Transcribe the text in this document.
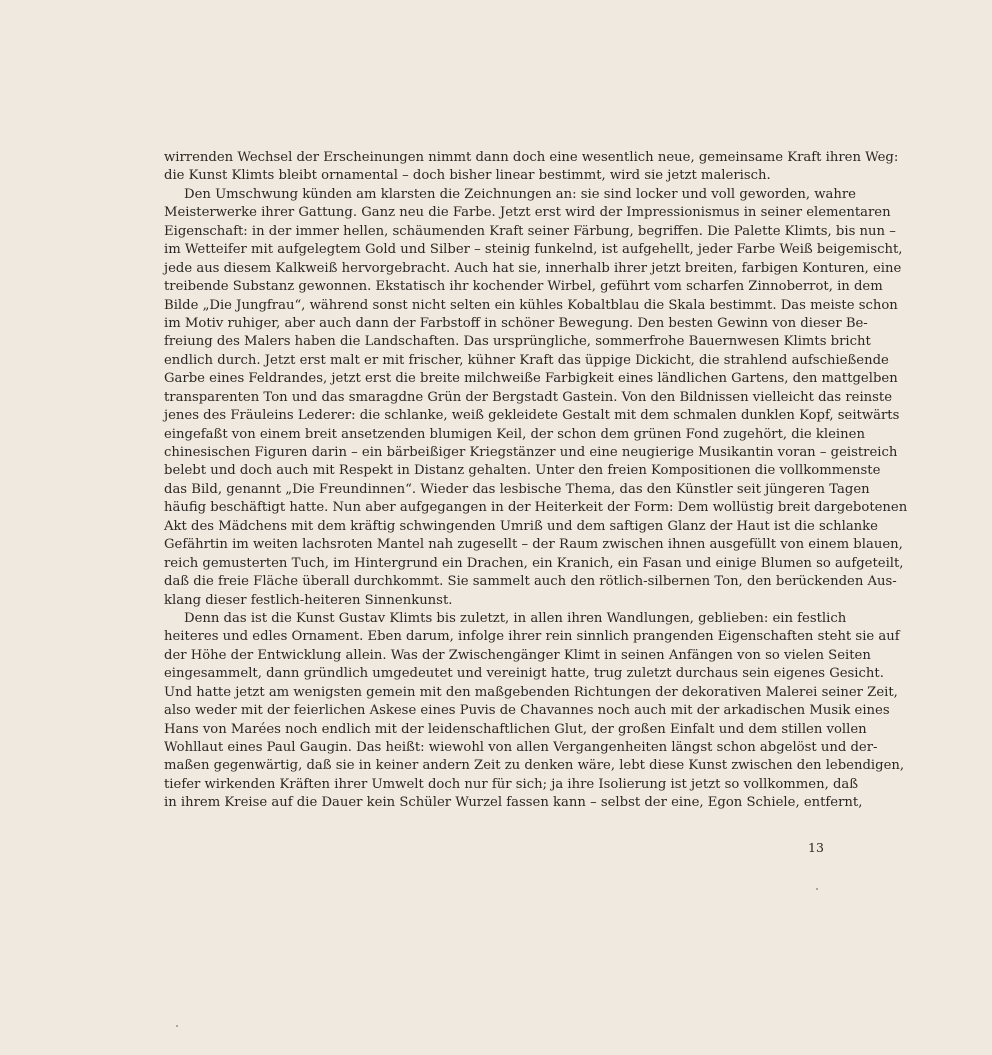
wirrenden Wechsel der Erscheinungen nimmt dann doch eine wesentlich neue, gemeinsame Kraft ihren Weg:
die Kunst Klimts bleibt ornamental – doch bisher linear bestimmt, wird sie jetzt malerisch.
Den Umschwung künden am klarsten die Zeichnungen an: sie sind locker und voll geworden, wahre
Meisterwerke ihrer Gattung. Ganz neu die Farbe. Jetzt erst wird der Impressionismus in seiner elementaren
Eigenschaft: in der immer hellen, schäumenden Kraft seiner Färbung, begriffen. Die Palette Klimts, bis nun –
im Wetteifer mit aufgelegtem Gold und Silber – steinig funkelnd, ist aufgehellt, jeder Farbe Weiß beigemischt,
jede aus diesem Kalkweiß hervorgebracht. Auch hat sie, innerhalb ihrer jetzt breiten, farbigen Konturen, eine
treibende Substanz gewonnen. Ekstatisch ihr kochender Wirbel, geführt vom scharfen Zinnoberrot, in dem
Bilde „Die Jungfrau“, während sonst nicht selten ein kühles Kobaltblau die Skala bestimmt. Das meiste schon
im Motiv ruhiger, aber auch dann der Farbstoff in schöner Bewegung. Den besten Gewinn von dieser Be-
freiung des Malers haben die Landschaften. Das ursprüngliche, sommerfrohe Bauernwesen Klimts bricht
endlich durch. Jetzt erst malt er mit frischer, kühner Kraft das üppige Dickicht, die strahlend aufschießende
Garbe eines Feldrandes, jetzt erst die breite milchweiße Farbigkeit eines ländlichen Gartens, den mattgelben
transparenten Ton und das smaragdne Grün der Bergstadt Gastein. Von den Bildnissen vielleicht das reinste
jenes des Fräuleins Lederer: die schlanke, weiß gekleidete Gestalt mit dem schmalen dunklen Kopf, seitwärts
eingefaßt von einem breit ansetzenden blumigen Keil, der schon dem grünen Fond zugehört, die kleinen
chinesischen Figuren darin – ein bärbeißiger Kriegstänzer und eine neugierige Musikantin voran – geistreich
belebt und doch auch mit Respekt in Distanz gehalten. Unter den freien Kompositionen die vollkommenste
das Bild, genannt „Die Freundinnen“. Wieder das lesbische Thema, das den Künstler seit jüngeren Tagen
häufig beschäftigt hatte. Nun aber aufgegangen in der Heiterkeit der Form: Dem wollüstig breit dargebotenen
Akt des Mädchens mit dem kräftig schwingenden Umriß und dem saftigen Glanz der Haut ist die schlanke
Gefährtin im weiten lachsroten Mantel nah zugesellt – der Raum zwischen ihnen ausgefüllt von einem blauen,
reich gemusterten Tuch, im Hintergrund ein Drachen, ein Kranich, ein Fasan und einige Blumen so aufgeteilt,
daß die freie Fläche überall durchkommt. Sie sammelt auch den rötlich-silbernen Ton, den berückenden Aus-
klang dieser festlich-heiteren Sinnenkunst.
Denn das ist die Kunst Gustav Klimts bis zuletzt, in allen ihren Wandlungen, geblieben: ein festlich
heiteres und edles Ornament. Eben darum, infolge ihrer rein sinnlich prangenden Eigenschaften steht sie auf
der Höhe der Entwicklung allein. Was der Zwischengänger Klimt in seinen Anfängen von so vielen Seiten
eingesammelt, dann gründlich umgedeutet und vereinigt hatte, trug zuletzt durchaus sein eigenes Gesicht.
Und hatte jetzt am wenigsten gemein mit den maßgebenden Richtungen der dekorativen Malerei seiner Zeit,
also weder mit der feierlichen Askese eines Puvis de Chavannes noch auch mit der arkadischen Musik eines
Hans von Marées noch endlich mit der leidenschaftlichen Glut, der großen Einfalt und dem stillen vollen
Wohllaut eines Paul Gaugin. Das heißt: wiewohl von allen Vergangenheiten längst schon abgelöst und der-
maßen gegenwärtig, daß sie in keiner andern Zeit zu denken wäre, lebt diese Kunst zwischen den lebendigen,
tiefer wirkenden Kräften ihrer Umwelt doch nur für sich; ja ihre Isolierung ist jetzt so vollkommen, daß
in ihrem Kreise auf die Dauer kein Schüler Wurzel fassen kann – selbst der eine, Egon Schiele, entfernt,
13
